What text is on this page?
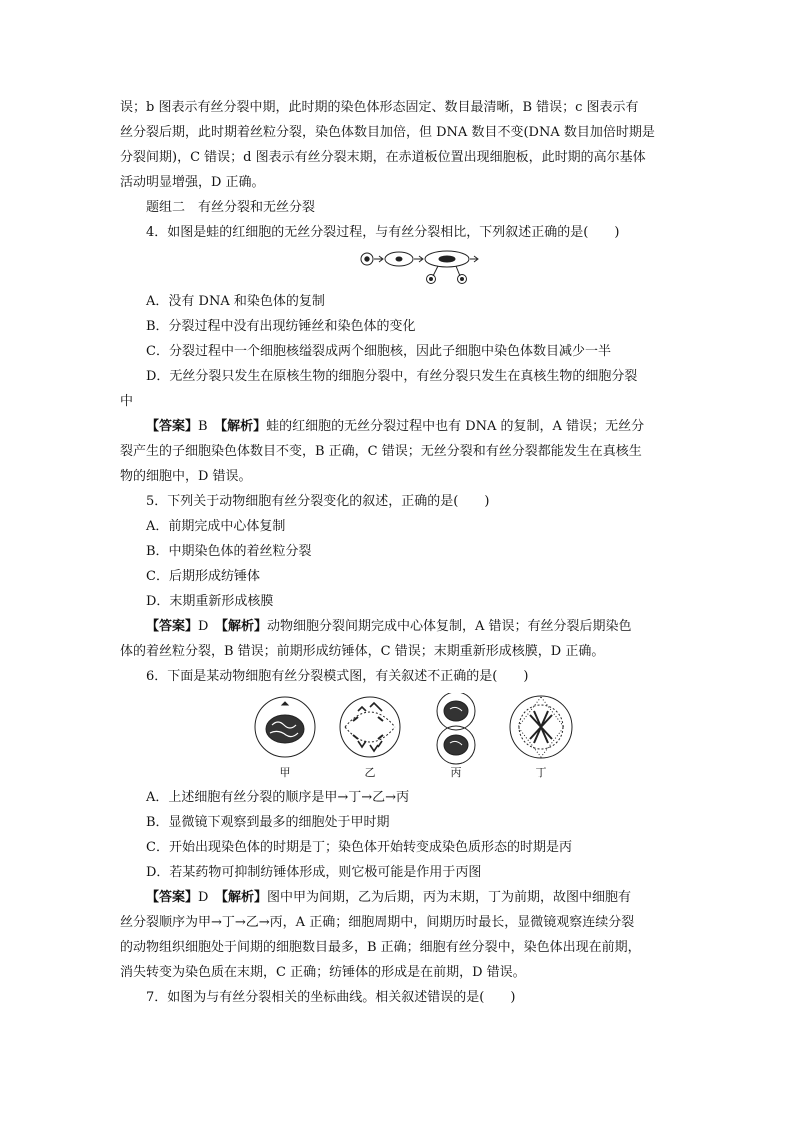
误；b 图表示有丝分裂中期，此时期的染色体形态固定、数目最清晰，B 错误；c 图表示有
丝分裂后期，此时期着丝粒分裂，染色体数目加倍，但 DNA 数目不变(DNA 数目加倍时期是
分裂间期)，C 错误；d 图表示有丝分裂末期，在赤道板位置出现细胞板，此时期的高尔基体
活动明显增强，D 正确。
题组二　有丝分裂和无丝分裂
4．如图是蛙的红细胞的无丝分裂过程，与有丝分裂相比，下列叙述正确的是(　　)
A．没有 DNA 和染色体的复制
B．分裂过程中没有出现纺锤丝和染色体的变化
C．分裂过程中一个细胞核缢裂成两个细胞核，因此子细胞中染色体数目减少一半
D．无丝分裂只发生在原核生物的细胞分裂中，有丝分裂只发生在真核生物的细胞分裂
中
【答案】B　 【解析】蛙的红细胞的无丝分裂过程中也有 DNA 的复制，A 错误；无丝分
裂产生的子细胞染色体数目不变，B 正确，C 错误；无丝分裂和有丝分裂都能发生在真核生
物的细胞中，D 错误。
5．下列关于动物细胞有丝分裂变化的叙述，正确的是(　　)
A．前期完成中心体复制
B．中期染色体的着丝粒分裂
C．后期形成纺锤体
D．末期重新形成核膜
【答案】D　 【解析】动物细胞分裂间期完成中心体复制，A 错误；有丝分裂后期染色
体的着丝粒分裂，B 错误；前期形成纺锤体，C 错误；末期重新形成核膜，D 正确。
6．下面是某动物细胞有丝分裂模式图，有关叙述不正确的是(　　)
甲	乙	丙	丁
A．上述细胞有丝分裂的顺序是甲→丁→乙→丙
B．显微镜下观察到最多的细胞处于甲时期
C．开始出现染色体的时期是丁；染色体开始转变成染色质形态的时期是丙
D．若某药物可抑制纺锤体形成，则它极可能是作用于丙图
【答案】D　 【解析】图中甲为间期，乙为后期，丙为末期，丁为前期，故图中细胞有
丝分裂顺序为甲→丁→乙→丙，A 正确；细胞周期中，间期历时最长，显微镜观察连续分裂
的动物组织细胞处于间期的细胞数目最多，B 正确；细胞有丝分裂中，染色体出现在前期，
消失转变为染色质在末期，C 正确；纺锤体的形成是在前期，D 错误。
7．如图为与有丝分裂相关的坐标曲线。相关叙述错误的是(　　)
